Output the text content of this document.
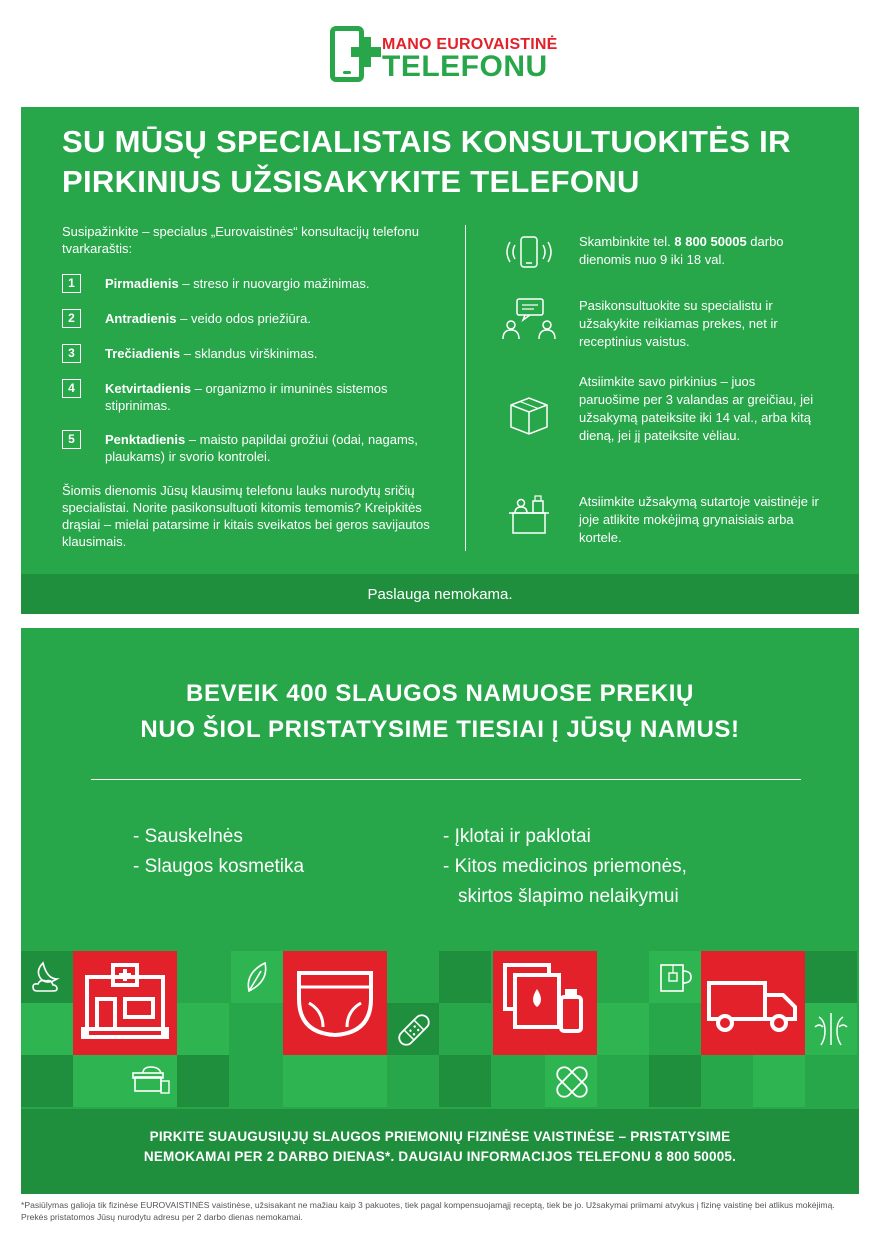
MANO EUROVAISTINĖ
TELEFONU
SU MŪSŲ SPECIALISTAIS KONSULTUOKITĖS IR PIRKINIUS UŽSISAKYKITE TELEFONU

Susipažinkite – specialus „Eurovaistinės“ konsultacijų telefonu tvarkaraštis:

1	Pirmadienis – streso ir nuovargio mažinimas.
2	Antradienis – veido odos priežiūra.
3	Trečiadienis – sklandus virškinimas.
4	Ketvirtadienis – organizmo ir imuninės sistemos stiprinimas.
5	Penktadienis – maisto papildai grožiui (odai, nagams, plaukams) ir svorio kontrolei.

Šiomis dienomis Jūsų klausimų telefonu lauks nurodytų sričių specialistai. Norite pasikonsultuoti kitomis temomis? Kreipkitės drąsiai – mielai patarsime ir kitais sveikatos bei geros savijautos klausimais.

Skambinkite tel. 8 800 50005 darbo dienomis nuo 9 iki 18 val.
Pasikonsultuokite su specialistu ir užsakykite reikiamas prekes, net ir receptinius vaistus.
Atsiimkite savo pirkinius – juos paruošime per 3 valandas ar greičiau, jei užsakymą pateiksite iki 14 val., arba kitą dieną, jei jį pateiksite vėliau.
Atsiimkite užsakymą sutartoje vaistinėje ir joje atlikite mokėjimą grynaisiais arba kortele.
Paslauga nemokama.
BEVEIK 400 SLAUGOS NAMUOSE PREKIŲ
NUO ŠIOL PRISTATYSIME TIESIAI Į JŪSŲ NAMUS!
- Sauskelnės
- Slaugos kosmetika
- Įklotai ir paklotai
- Kitos medicinos priemonės,
skirtos šlapimo nelaikymui
PIRKITE SUAUGUSIŲJŲ SLAUGOS PRIEMONIŲ FIZINĖSE VAISTINĖSE – PRISTATYSIME
NEMOKAMAI PER 2 DARBO DIENAS*. DAUGIAU INFORMACIJOS TELEFONU 8 800 50005.

*Pasiūlymas galioja tik fizinėse EUROVAISTINĖS vaistinėse, užsisakant ne mažiau kaip 3 pakuotes, tiek pagal kompensuojamąjį receptą, tiek be jo. Užsakymai priimami atvykus į fizinę vaistinę bei atlikus mokėjimą. Prekės pristatomos Jūsų nurodytu adresu per 2 darbo dienas nemokamai.
